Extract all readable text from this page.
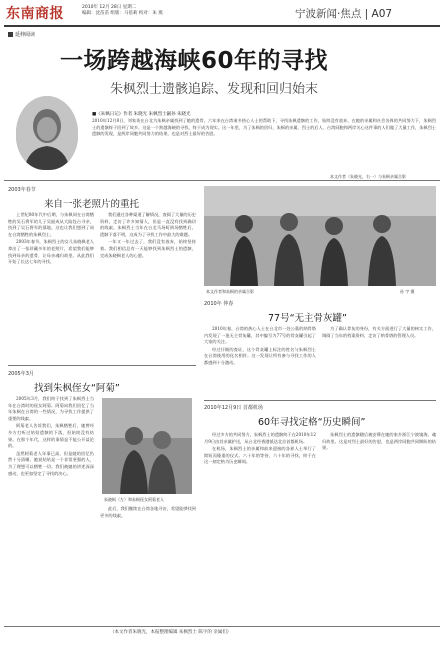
东南商报	2010年 12月 28日 星期二
编辑：沈苗苗 组版：马蓓莉 校对：朱 燕	宁波新闻·焦点 | A07
延伸阅读
一场跨越海峡60年的寻找
朱枫烈士遗骸追踪、发现和回归始末
■《朱枫日记》作者 朱晓光 朱枫烈士嗣孙 朱晓光
2010年12月8日，刘家英在台北为朱枫亲属找到了她的遗骨。六年来在台湾诸多热心人士的帮助下，寻找朱枫遗骸的工作，始终没有放弃。在她的亲属和社会各界的共同努力下，朱枫烈士的遗骸终于回到了故乡。这是一个跨越海峡的寻找，终于成为现实。这一年里，为了朱枫的回归，朱枫的亲属、烈士的后人、台湾同胞和两岸关心这件事的人们做了大量工作，朱枫烈士遗骸的发现，是两岸同胞共同努力的结果，也是对烈士最好的告慰。
本文作者（朱晓光，右一）与朱枫亲属合影
2003年春节
来自一张老照片的重托

上世纪80年代中后期，与朱枫同在台湾牺牲的吴石将军的儿子吴韶成从大陆赴台寻亲，找到了吴石将军的墓地。这也让我们想到了同在台湾牺牲的朱枫烈士。

2003年春节，朱枫烈士的女儿朱晓枫老人拿出了一张珍藏多年的老照片，希望我们能够找到母亲的遗骨，让母亲魂归故里。从此我们开始了长达七年的寻找。

我们通过各种渠道了解情况，查阅了大量的历史资料，走访了许多知情人，但是一直没有找到确切的线索。朱枫烈士当年在台北马场町刑场牺牲后，遗骸下落不明，这成为了寻找工作中最大的难题。

一年又一年过去了，我们没有放弃，始终坚持着。我们相信总有一天能够找到朱枫烈士的遗骸，完成朱晓枫老人的心愿。

2005年3月
找到朱枫侄女“阿菊”

2005年3月，我们终于找到了朱枫烈士当年在台湾时的侄女阿菊。阿菊向我们回忆了当年朱枫在台湾的一些情况，为寻找工作提供了重要的线索。

阿菊老人告诉我们，朱枫牺牲后，她曾经多方打听过姑姑遗骸的下落，但始终没有结果。在那个年代，这样的事情是不能公开谈论的。

虽然阿菊老人年事已高，但是她的回忆仍然十分清晰。她说姑姑是一个非常坚强的人，为了理想可以牺牲一切。我们被她的讲述深深感动，也更加坚定了寻找的决心。

朱晓枫（左）和朱枫侄女阿菊老人

此后，我们继续在台湾各地寻访，希望能够找到更多的线索。

本文作者和朱枫的亲属合影	孙 宇 摄
2010年 仲春
77号“无主骨灰罐”

2010年春，台湾的热心人士在台北市一处公墓的纳骨塔内发现了一批无主骨灰罐，其中编号为77号的骨灰罐引起了大家的关注。

经过仔细的查证，这个骨灰罐上标注的姓名与朱枫烈士在台湾使用的化名相符。这一发现让所有参与寻找工作的人都感到十分激动。

为了确认骨灰的身份，有关方面进行了大量的核实工作，调阅了当年的档案资料，走访了纳骨塔的管理人员。

2010年12月9日 首都机场
60年寻找定格“历史瞬间”

经过多方的共同努力，朱枫烈士的遗骸终于在2010年12月9日由其亲属护送，从台北经香港抵达北京首都机场。

在机场，朱枫烈士的亲属和前来迎接的各界人士举行了简短而隆重的仪式。六十年的等待，六十年的寻找，终于在这一刻定格为历史瞬间。

朱枫烈士的遗骸随后被安葬在她的家乡浙江宁波镇海，魂归故里。这是对烈士最好的告慰，也是两岸同胞共同期盼的结果。

（本文作者朱晓光，本报整理编辑 朱枫烈士 陈宇的 亲属们）
